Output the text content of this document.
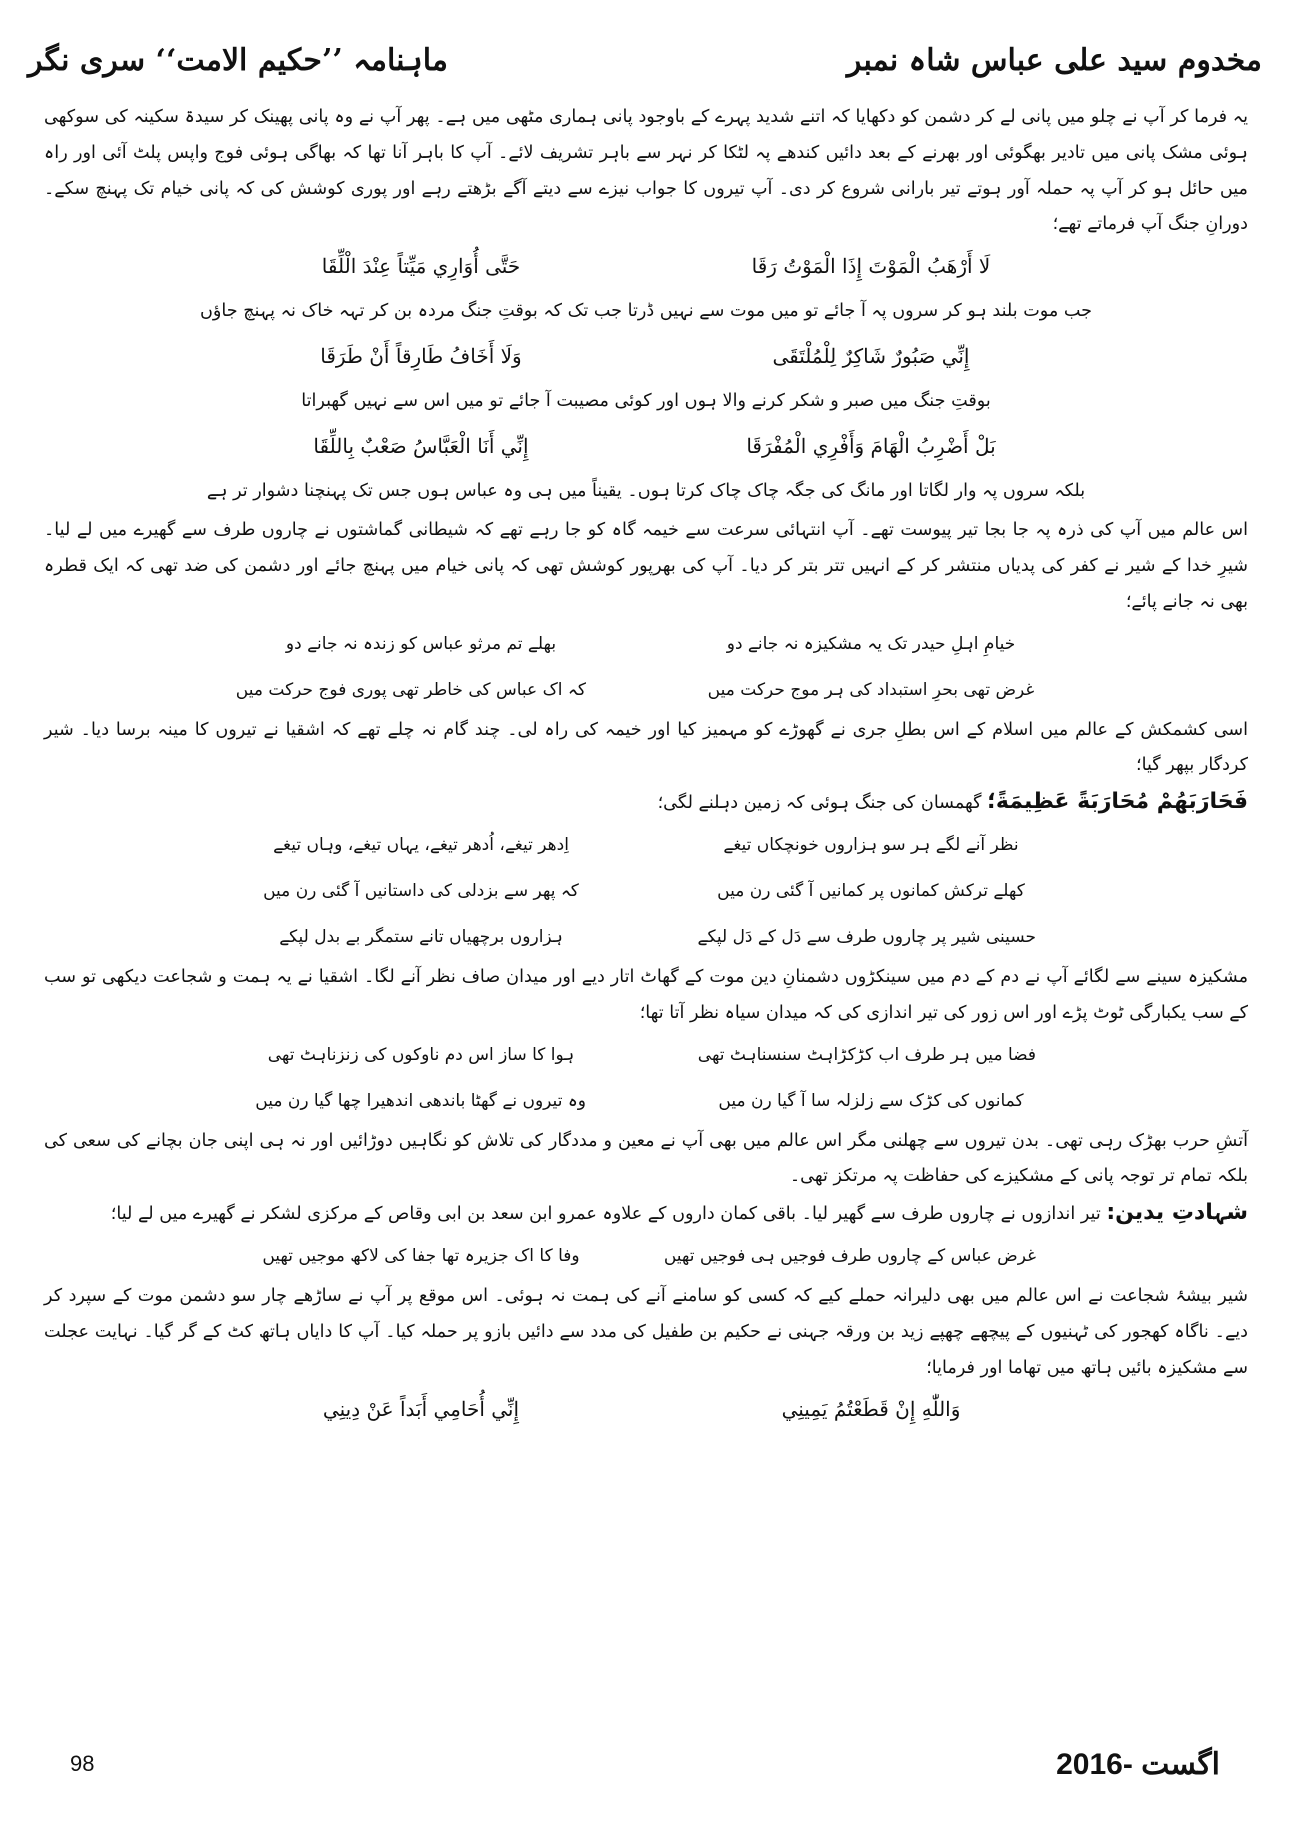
ماہنامہ ’’حکیم الامت‘‘ سری نگر	مخدوم سید علی عباس شاہ نمبر

یہ فرما کر آپ نے چلو میں پانی لے کر دشمن کو دکھایا کہ اتنے شدید پہرے کے باوجود پانی ہماری مٹھی میں ہے۔ پھر آپ نے وہ پانی پھینک کر سیدۃ سکینہ کی سوکھی ہوئی مشک پانی میں تادیر بھگوئی اور بھرنے کے بعد دائیں کندھے پہ لٹکا کر نہر سے باہر تشریف لائے۔ آپ کا باہر آنا تھا کہ بھاگی ہوئی فوج واپس پلٹ آئی اور راہ میں حائل ہو کر آپ پہ حملہ آور ہوتے تیر بارانی شروع کر دی۔ آپ تیروں کا جواب نیزے سے دیتے آگے بڑھتے رہے اور پوری کوشش کی کہ پانی خیام تک پہنچ سکے۔ دورانِ جنگ آپ فرماتے تھے؛

لَا أَرْهَبُ الْمَوْتَ إِذَا الْمَوْتُ رَقَا
حَتَّى أُوَارِي مَيِّتاً عِنْدَ الْلِّقَا
جب موت بلند ہو کر سروں پہ آ جائے تو میں موت سے نہیں ڈرتا جب تک کہ بوقتِ جنگ مردہ بن کر تہہ خاک نہ پہنچ جاؤں
إِنِّي صَبُورٌ شَاكِرٌ لِلْمُلْتَقَى
وَلَا أَخَافُ طَارِقاً أَنْ طَرَقَا
بوقتِ جنگ میں صبر و شکر کرنے والا ہوں اور کوئی مصیبت آ جائے تو میں اس سے نہیں گھبراتا
بَلْ أَضْرِبُ الْهَامَ وَأَفْرِي الْمُفْرَقَا
إِنِّي أَنَا الْعَبَّاسُ صَعْبٌ بِاللِّقَا
بلکہ سروں پہ وار لگاتا اور مانگ کی جگہ چاک چاک کرتا ہوں۔ یقیناً میں ہی وہ عباس ہوں جس تک پہنچنا دشوار تر ہے

اس عالم میں آپ کی ذرہ پہ جا بجا تیر پیوست تھے۔ آپ انتہائی سرعت سے خیمہ گاہ کو جا رہے تھے کہ شیطانی گماشتوں نے چاروں طرف سے گھیرے میں لے لیا۔ شیرِ خدا کے شیر نے کفر کی پدیاں منتشر کر کے انہیں تتر بتر کر دیا۔ آپ کی بھرپور کوشش تھی کہ پانی خیام میں پہنچ جائے اور دشمن کی ضد تھی کہ ایک قطرہ بھی نہ جانے پائے؛

خیامِ اہلِ حیدر تک یہ مشکیزہ نہ جانے دو
بھلے تم مرثو عباس کو زندہ نہ جانے دو
غرض تھی بحرِ استبداد کی ہر موج حرکت میں
کہ اک عباس کی خاطر تھی پوری فوج حرکت میں

اسی کشمکش کے عالم میں اسلام کے اس بطلِ جری نے گھوڑے کو مہمیز کیا اور خیمہ کی راہ لی۔ چند گام نہ چلے تھے کہ اشقیا نے تیروں کا مینہ برسا دیا۔ شیر کردگار بپھر گیا؛

فَحَارَبَهُمْ مُحَارَبَةً عَظِيمَةً؛ گھمسان کی جنگ ہوئی کہ زمین دہلنے لگی؛

نظر آنے لگے ہر سو ہزاروں خونچکاں تیغے
اِدھر تیغے، اُدھر تیغے، یہاں تیغے، وہاں تیغے
کھلے ترکش کمانوں پر کمانیں آ گئی رن میں
کہ پھر سے بزدلی کی داستانیں آ گئی رن میں
حسینی شیر پر چاروں طرف سے دَل کے دَل لپکے
ہزاروں برچھیاں تانے ستمگر بے بدل لپکے

مشکیزہ سینے سے لگائے آپ نے دم کے دم میں سینکڑوں دشمنانِ دین موت کے گھاٹ اتار دیے اور میدان صاف نظر آنے لگا۔ اشقیا نے یہ ہمت و شجاعت دیکھی تو سب کے سب یکبارگی ٹوٹ پڑے اور اس زور کی تیر اندازی کی کہ میدان سیاہ نظر آتا تھا؛

فضا میں ہر طرف اب کڑکڑاہٹ سنسناہٹ تھی
ہوا کا ساز اس دم ناوکوں کی زنزناہٹ تھی
کمانوں کی کڑک سے زلزلہ سا آ گیا رن میں
وہ تیروں نے گھٹا باندھی اندھیرا چھا گیا رن میں

آتشِ حرب بھڑک رہی تھی۔ بدن تیروں سے چھلنی مگر اس عالم میں بھی آپ نے معین و مددگار کی تلاش کو نگاہیں دوڑائیں اور نہ ہی اپنی جان بچانے کی سعی کی بلکہ تمام تر توجہ پانی کے مشکیزے کی حفاظت پہ مرتکز تھی۔

شہادتِ یدین: تیر اندازوں نے چاروں طرف سے گھیر لیا۔ باقی کمان داروں کے علاوہ عمرو ابن سعد بن ابی وقاص کے مرکزی لشکر نے گھیرے میں لے لیا؛

غرض عباس کے چاروں طرف فوجیں ہی فوجیں تھیں
وفا کا اک جزیرہ تھا جفا کی لاکھ موجیں تھیں

شیر بیشۂ شجاعت نے اس عالم میں بھی دلیرانہ حملے کیے کہ کسی کو سامنے آنے کی ہمت نہ ہوئی۔ اس موقع پر آپ نے ساڑھے چار سو دشمن موت کے سپرد کر دیے۔ ناگاہ کھجور کی ٹہنیوں کے پیچھے چھپے زید بن ورقہ جہنی نے حکیم بن طفیل کی مدد سے دائیں بازو پر حملہ کیا۔ آپ کا دایاں ہاتھ کٹ کے گر گیا۔ نہایت عجلت سے مشکیزہ بائیں ہاتھ میں تھاما اور فرمایا؛

وَاللّٰهِ إِنْ قَطَعْتُمُ يَمِينِي
إِنِّي أُحَامِي أَبَداً عَنْ دِينِي
98	اگست -2016
